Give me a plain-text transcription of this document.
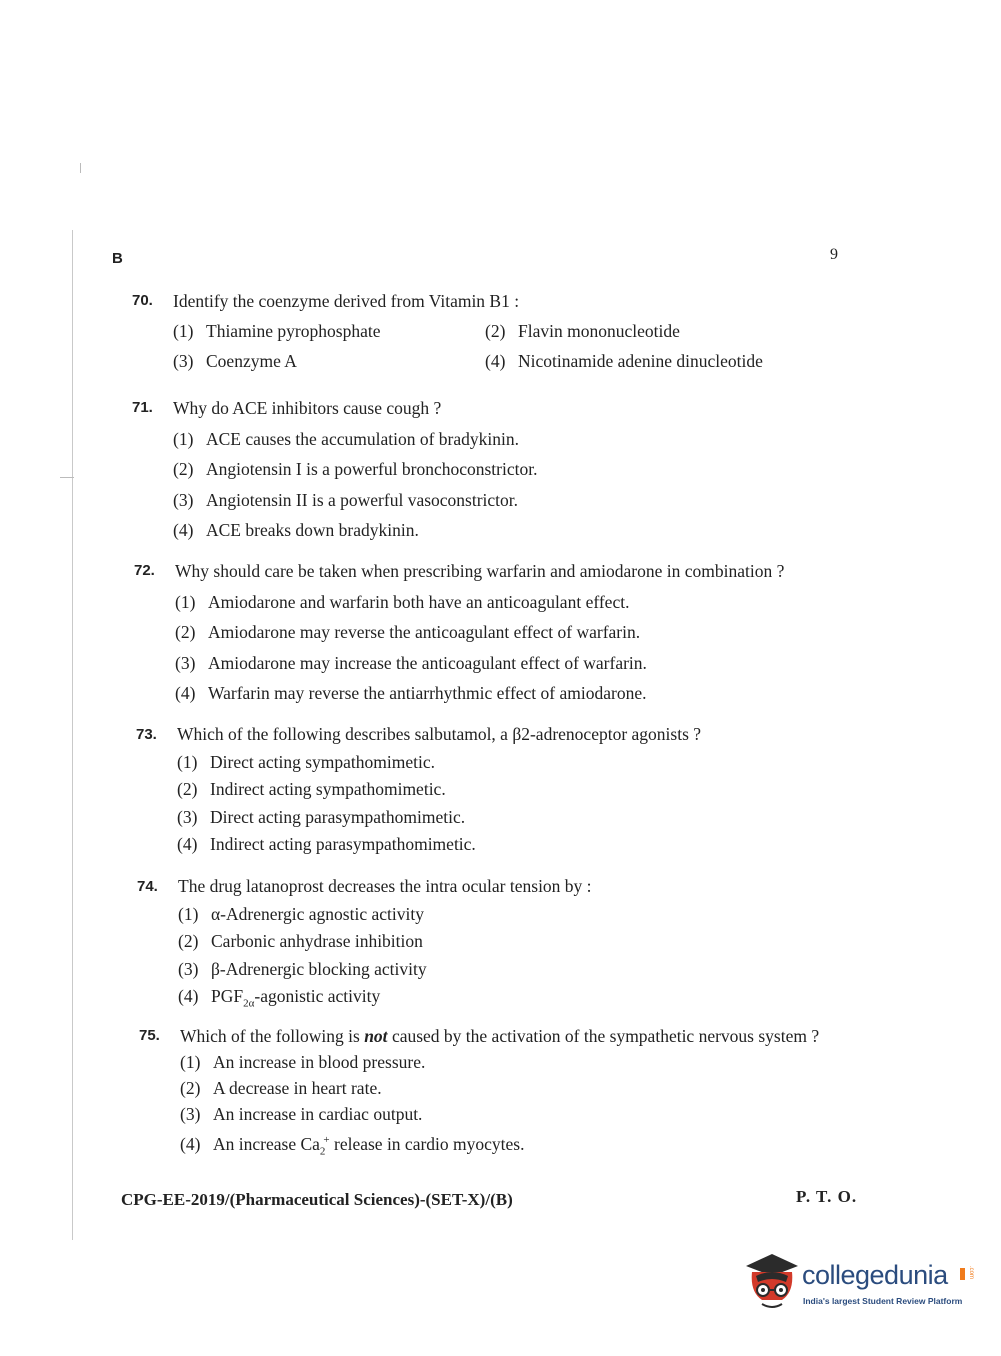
B	9
70. Identify the coenzyme derived from Vitamin B1 :
(1) Thiamine pyrophosphate	(2) Flavin mononucleotide
(3) Coenzyme A	(4) Nicotinamide adenine dinucleotide
71. Why do ACE inhibitors cause cough ?
(1) ACE causes the accumulation of bradykinin.
(2) Angiotensin I is a powerful bronchoconstrictor.
(3) Angiotensin II is a powerful vasoconstrictor.
(4) ACE breaks down bradykinin.
72. Why should care be taken when prescribing warfarin and amiodarone in combination ?
(1) Amiodarone and warfarin both have an anticoagulant effect.
(2) Amiodarone may reverse the anticoagulant effect of warfarin.
(3) Amiodarone may increase the anticoagulant effect of warfarin.
(4) Warfarin may reverse the antiarrhythmic effect of amiodarone.
73. Which of the following describes salbutamol, a β2-adrenoceptor agonists ?
(1) Direct acting sympathomimetic.
(2) Indirect acting sympathomimetic.
(3) Direct acting parasympathomimetic.
(4) Indirect acting parasympathomimetic.
74. The drug latanoprost decreases the intra ocular tension by :
(1) α-Adrenergic agnostic activity
(2) Carbonic anhydrase inhibition
(3) β-Adrenergic blocking activity
(4) $PGF_{2\alpha}$-agonistic activity
75. Which of the following is not caused by the activation of the sympathetic nervous system ?
(1) An increase in blood pressure.
(2) A decrease in heart rate.
(3) An increase in cardiac output.
(4) An increase $Ca_2^+$ release in cardio myocytes.
CPG-EE-2019/(Pharmaceutical Sciences)-(SET-X)/(B)	P. T. O.
collegedunia	.com
India's largest Student Review Platform
